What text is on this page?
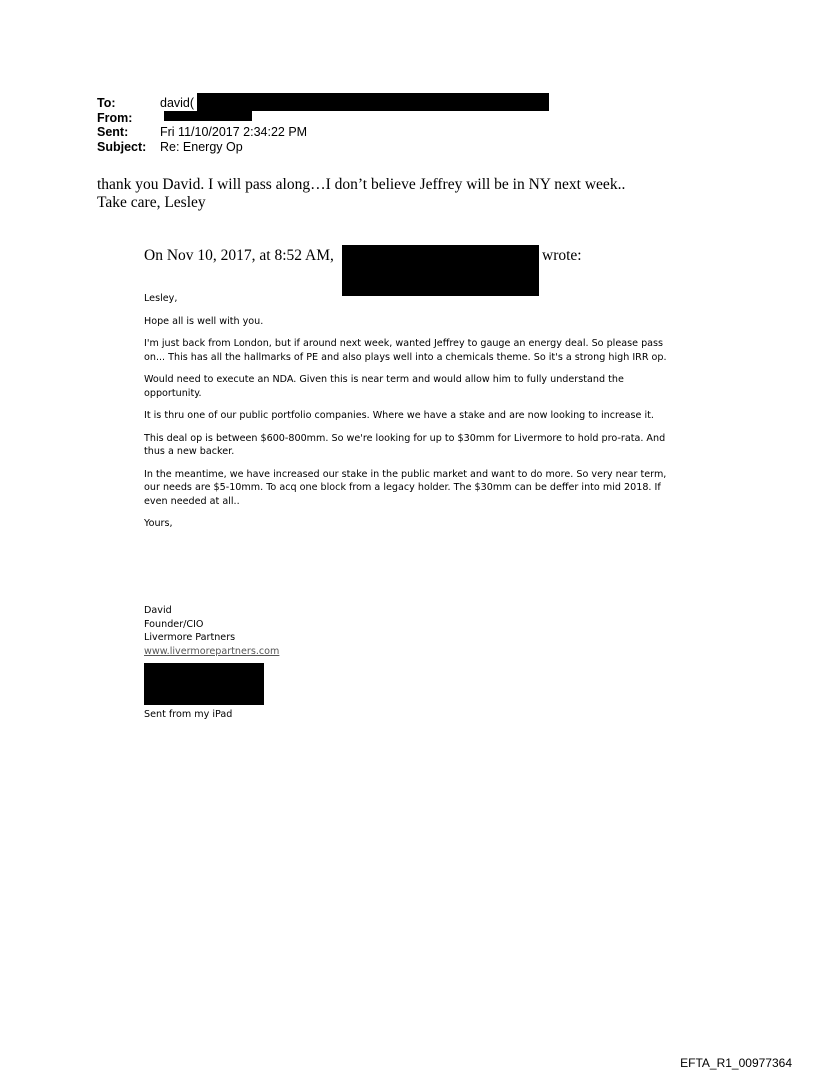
To:	david(
From:
Sent:	Fri 11/10/2017 2:34:22 PM
Subject: Re: Energy Op

thank you David. I will pass along…I don’t believe Jeffrey will be in NY next week..

Take care, Lesley

On Nov 10, 2017, at 8:52 AM,	wrote:

Lesley,

Hope all is well with you.

I'm just back from London, but if around next week, wanted Jeffrey to gauge an energy deal. So please pass on... This has all the hallmarks of PE and also plays well into a chemicals theme. So it's a strong high IRR op.

Would need to execute an NDA. Given this is near term and would allow him to fully understand the opportunity.

It is thru one of our public portfolio companies. Where we have a stake and are now looking to increase it.

This deal op is between $600-800mm. So we're looking for up to $30mm for Livermore to hold pro-rata. And thus a new backer.

In the meantime, we have increased our stake in the public market and want to do more. So very near term, our needs are $5-10mm. To acq one block from a legacy holder. The $30mm can be deffer into mid 2018. If even needed at all..

Yours,

David
Founder/CIO
Livermore Partners
www.livermorepartners.com
Sent from my iPad
EFTA_R1_00977364
